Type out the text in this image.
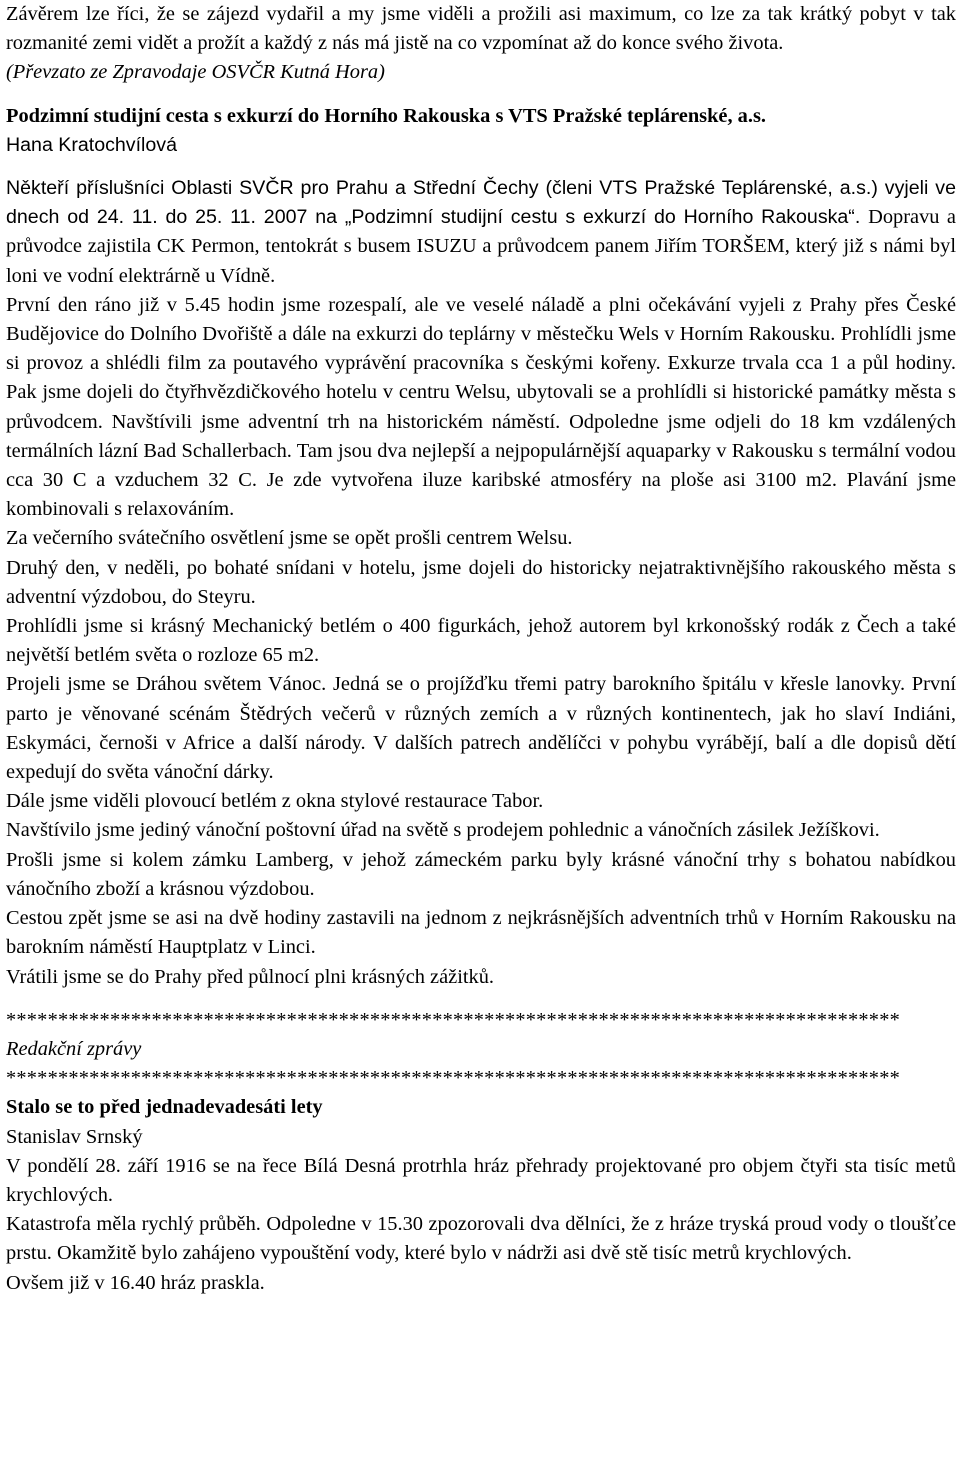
Závěrem lze říci, že se zájezd vydařil a my jsme viděli a prožili asi maximum, co lze za tak krátký pobyt v tak rozmanité zemi vidět a prožít a každý z nás má jistě na co vzpomínat až do konce svého života.

(Převzato ze Zpravodaje OSVČR Kutná Hora)

Podzimní studijní cesta s exkurzí do Horního Rakouska s VTS Pražské teplárenské, a.s.

Hana Kratochvílová

Někteří příslušníci Oblasti SVČR pro Prahu a Střední Čechy (členi VTS Pražské Teplárenské, a.s.) vyjeli ve dnech od 24. 11. do 25. 11. 2007 na „Podzimní studijní cestu s exkurzí do Horního Rakouska“. Dopravu a průvodce zajistila CK Permon, tentokrát s busem ISUZU a průvodcem panem Jiřím TORŠEM, který již s námi byl loni ve vodní elektrárně u Vídně.

První den ráno již v 5.45 hodin jsme rozespalí, ale ve veselé náladě a plni očekávání vyjeli z Prahy přes České Budějovice do Dolního Dvořiště a dále na exkurzi do teplárny v městečku Wels v Horním Rakousku. Prohlídli jsme si provoz a shlédli film za poutavého vyprávění pracovníka s českými kořeny. Exkurze trvala cca 1 a půl hodiny. Pak jsme dojeli do čtyřhvězdičkového hotelu v centru Welsu, ubytovali se a prohlídli si historické památky města s průvodcem. Navštívili jsme adventní trh na historickém náměstí. Odpoledne jsme odjeli do 18 km vzdálených termálních lázní Bad Schallerbach. Tam jsou dva nejlepší a nejpopulárnější aquaparky v Rakousku s termální vodou cca 30 C a vzduchem 32 C. Je zde vytvořena iluze karibské atmosféry na ploše asi 3100 m2. Plavání jsme kombinovali s relaxováním.

Za večerního svátečního osvětlení jsme se opět prošli centrem Welsu.

Druhý den, v neděli, po bohaté snídani v hotelu, jsme dojeli do historicky nejatraktivnějšího rakouského města s adventní výzdobou, do Steyru.

Prohlídli jsme si krásný Mechanický betlém o 400 figurkách, jehož autorem byl krkonošský rodák z Čech a také největší betlém světa o rozloze 65 m2.

Projeli jsme se Dráhou světem Vánoc. Jedná se o projížďku třemi patry barokního špitálu v křesle lanovky. První parto je věnované scénám Štědrých večerů v různých zemích a v různých kontinentech, jak ho slaví Indiáni, Eskymáci, černoši v Africe a další národy. V dalších patrech andělíčci v pohybu vyrábějí, balí a dle dopisů dětí expedují do světa vánoční dárky.

Dále jsme viděli plovoucí betlém z okna stylové restaurace Tabor.

Navštívilo jsme jediný vánoční poštovní úřad na světě s prodejem pohlednic a vánočních zásilek Ježíškovi.

Prošli jsme si kolem zámku Lamberg, v jehož zámeckém parku byly krásné vánoční trhy s bohatou nabídkou vánočního zboží a krásnou výzdobou.

Cestou zpět jsme se asi na dvě hodiny zastavili na jednom z nejkrásnějších adventních trhů v Horním Rakousku na barokním náměstí Hauptplatz v Linci.

Vrátili jsme se do Prahy před půlnocí plni krásných zážitků.

**************************************************************************************

Redakční zprávy

**************************************************************************************

Stalo se to před jednadevadesáti lety

Stanislav Srnský

V pondělí 28. září 1916 se na řece Bílá Desná protrhla hráz přehrady projektované pro objem čtyři sta tisíc metů krychlových.

Katastrofa měla rychlý průběh. Odpoledne v 15.30 zpozorovali dva dělníci, že z hráze tryská proud vody o tloušťce prstu. Okamžitě bylo zahájeno vypouštění vody, které bylo v nádrži asi dvě stě tisíc metrů krychlových.

Ovšem již v 16.40 hráz praskla.
